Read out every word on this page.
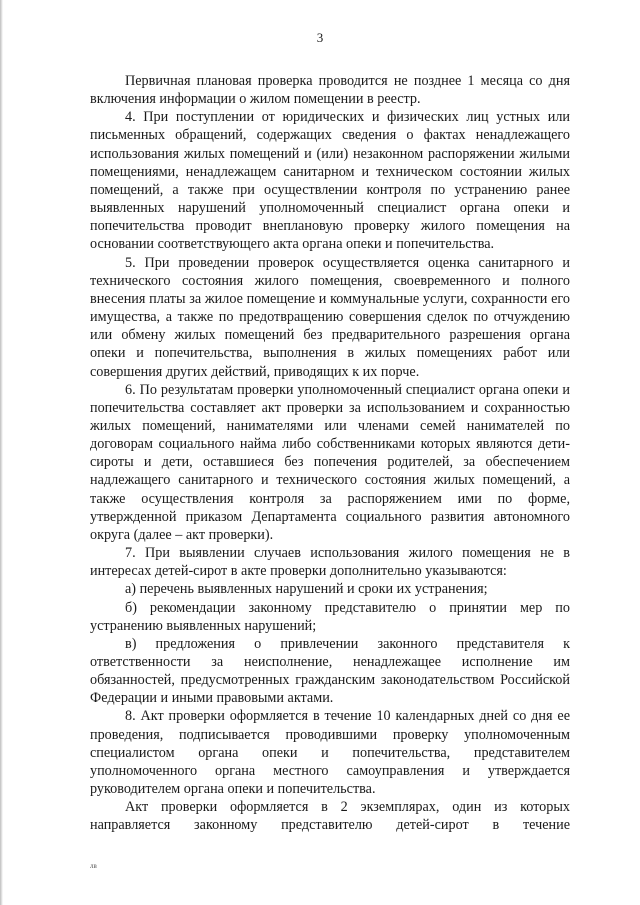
3

Первичная плановая проверка проводится не позднее 1 месяца со дня включения информации о жилом помещении в реестр.

4. При поступлении от юридических и физических лиц устных или письменных обращений, содержащих сведения о фактах ненадлежащего использования жилых помещений и (или) незаконном распоряжении жилыми помещениями, ненадлежащем санитарном и техническом состоянии жилых помещений, а также при осуществлении контроля по устранению ранее выявленных нарушений уполномоченный специалист органа опеки и попечительства проводит внеплановую проверку жилого помещения на основании соответствующего акта органа опеки и попечительства.

5. При проведении проверок осуществляется оценка санитарного и технического состояния жилого помещения, своевременного и полного внесения платы за жилое помещение и коммунальные услуги, сохранности его имущества, а также по предотвращению совершения сделок по отчуждению или обмену жилых помещений без предварительного разрешения органа опеки и попечительства, выполнения в жилых помещениях работ или совершения других действий, приводящих к их порче.

6. По результатам проверки уполномоченный специалист органа опеки и попечительства составляет акт проверки за использованием и сохранностью жилых помещений, нанимателями или членами семей нанимателей по договорам социального найма либо собственниками которых являются дети-сироты и дети, оставшиеся без попечения родителей, за обеспечением надлежащего санитарного и технического состояния жилых помещений, а также осуществления контроля за распоряжением ими по форме, утвержденной приказом Департамента социального развития автономного округа (далее – акт проверки).

7. При выявлении случаев использования жилого помещения не в интересах детей-сирот в акте проверки дополнительно указываются:

а) перечень выявленных нарушений и сроки их устранения;

б) рекомендации законному представителю о принятии мер по устранению выявленных нарушений;

в) предложения о привлечении законного представителя к ответственности за неисполнение, ненадлежащее исполнение им обязанностей, предусмотренных гражданским законодательством Российской Федерации и иными правовыми актами.

8. Акт проверки оформляется в течение 10 календарных дней со дня ее проведения, подписывается проводившими проверку уполномоченным специалистом органа опеки и попечительства, представителем уполномоченного органа местного самоуправления и утверждается руководителем органа опеки и попечительства.

Акт проверки оформляется в 2 экземплярах, один из которых направляется законному представителю детей-сирот в течение

лв
